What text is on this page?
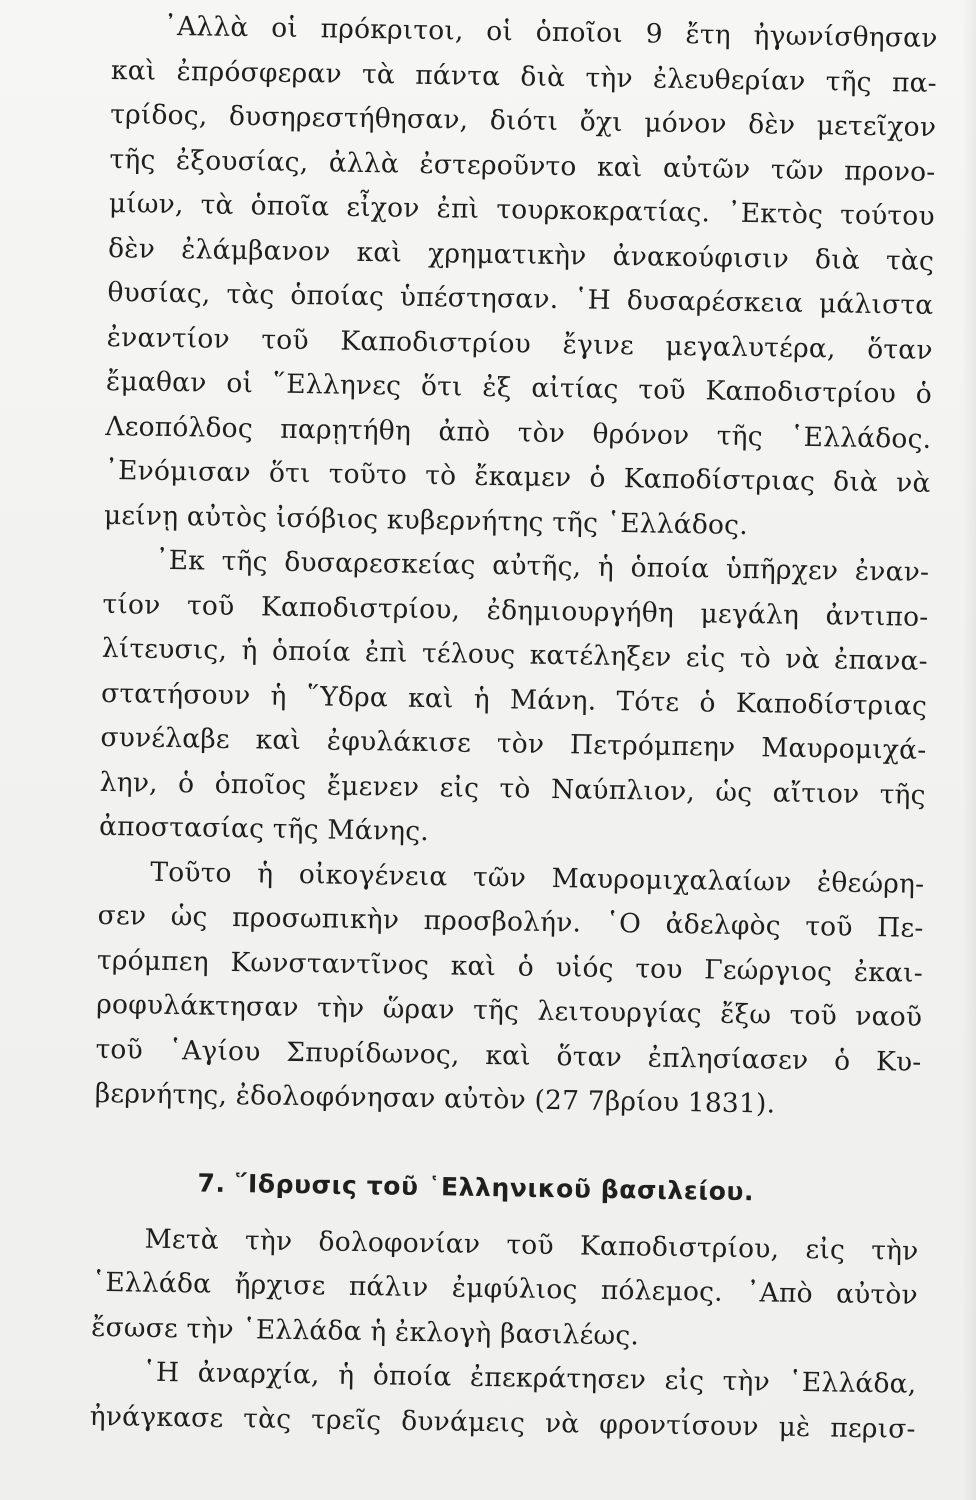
᾿Αλλὰ οἱ πρόκριτοι, οἱ ὁποῖοι 9 ἔτη ἠγωνίσθησαν
καὶ ἐπρόσφεραν τὰ πάντα διὰ τὴν ἐλευθερίαν τῆς πα-
τρίδος, δυσηρεστήθησαν, διότι ὄχι μόνον δὲν μετεῖχον
τῆς ἐξουσίας, ἀλλὰ ἐστεροῦντο καὶ αὐτῶν τῶν προνο-
μίων, τὰ ὁποῖα εἶχον ἐπὶ τουρκοκρατίας. ᾿Εκτὸς τούτου
δὲν ἐλάμβανον καὶ χρηματικὴν ἀνακούφισιν διὰ τὰς
θυσίας, τὰς ὁποίας ὑπέστησαν. ῾Η δυσαρέσκεια μάλιστα
ἐναντίον τοῦ Καποδιστρίου ἔγινε μεγαλυτέρα, ὅταν
ἔμαθαν οἱ ῞Ελληνες ὅτι ἐξ αἰτίας τοῦ Καποδιστρίου ὁ
Λεοπόλδος παρῃτήθη ἀπὸ τὸν θρόνον τῆς ῾Ελλάδος.
᾿Ενόμισαν ὅτι τοῦτο τὸ ἔκαμεν ὁ Καποδίστριας διὰ νὰ
μείνῃ αὐτὸς ἰσόβιος κυβερνήτης τῆς ῾Ελλάδος.
᾿Εκ τῆς δυσαρεσκείας αὐτῆς, ἡ ὁποία ὑπῆρχεν ἐναν-
τίον τοῦ Καποδιστρίου, ἐδημιουργήθη μεγάλη ἀντιπο-
λίτευσις, ἡ ὁποία ἐπὶ τέλους κατέληξεν εἰς τὸ νὰ ἐπανα-
στατήσουν ἡ ῞Υδρα καὶ ἡ Μάνη. Τότε ὁ Καποδίστριας
συνέλαβε καὶ ἐφυλάκισε τὸν Πετρόμπεην Μαυρομιχά-
λην, ὁ ὁποῖος ἔμενεν εἰς τὸ Ναύπλιον, ὡς αἴτιον τῆς
ἀποστασίας τῆς Μάνης.
Τοῦτο ἡ οἰκογένεια τῶν Μαυρομιχαλαίων ἐθεώρη-
σεν ὡς προσωπικὴν προσβολήν. ῾Ο ἀδελφὸς τοῦ Πε-
τρόμπεη Κωνσταντῖνος καὶ ὁ υἱός του Γεώργιος ἐκαι-
ροφυλάκτησαν τὴν ὥραν τῆς λειτουργίας ἔξω τοῦ ναοῦ
τοῦ ῾Αγίου Σπυρίδωνος, καὶ ὅταν ἐπλησίασεν ὁ Κυ-
βερνήτης, ἐδολοφόνησαν αὐτὸν (27 7βρίου 1831).
7. ῞Ιδρυσις τοῦ ῾Ελληνικοῦ βασιλείου.
Μετὰ τὴν δολοφονίαν τοῦ Καποδιστρίου, εἰς τὴν
῾Ελλάδα ἤρχισε πάλιν ἐμφύλιος πόλεμος. ᾿Απὸ αὐτὸν
ἔσωσε τὴν ῾Ελλάδα ἡ ἐκλογὴ βασιλέως.
῾Η ἀναρχία, ἡ ὁποία ἐπεκράτησεν εἰς τὴν ῾Ελλάδα,
ἠνάγκασε τὰς τρεῖς δυνάμεις νὰ φροντίσουν μὲ περισ-
